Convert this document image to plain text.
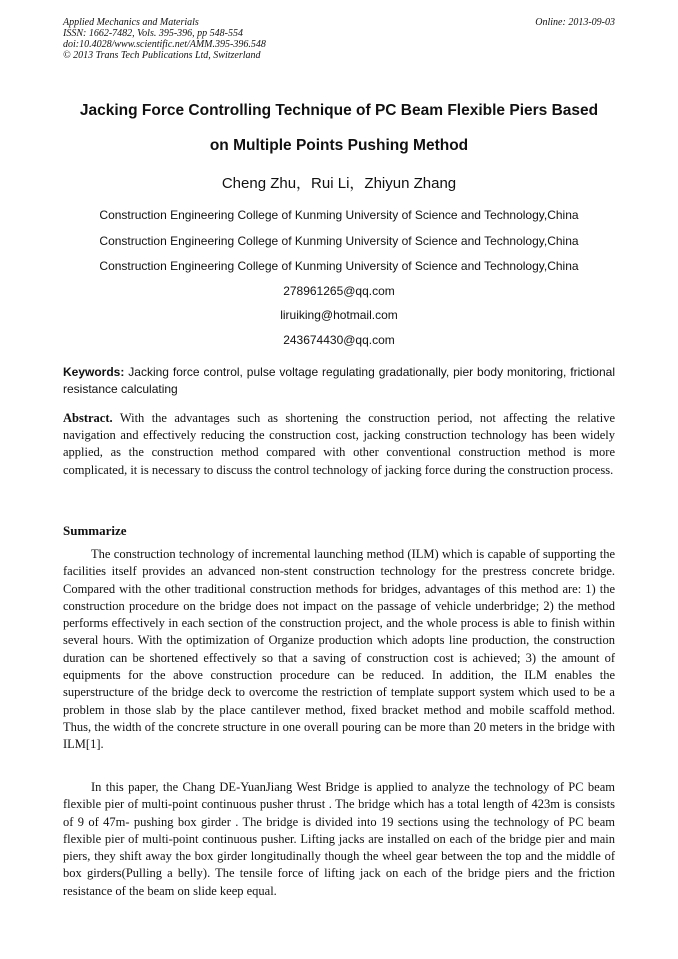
Applied Mechanics and Materials
ISSN: 1662-7482, Vols. 395-396, pp 548-554
doi:10.4028/www.scientific.net/AMM.395-396.548
© 2013 Trans Tech Publications Ltd, Switzerland
Online: 2013-09-03
Jacking Force Controlling Technique of PC Beam Flexible Piers Based
on Multiple Points Pushing Method
Cheng Zhu，Rui Li，Zhiyun Zhang
Construction Engineering College of Kunming University of Science and Technology,China
Construction Engineering College of Kunming University of Science and Technology,China
Construction Engineering College of Kunming University of Science and Technology,China
278961265@qq.com
liruiking@hotmail.com
243674430@qq.com
Keywords: Jacking force control, pulse voltage regulating gradationally, pier body monitoring, frictional resistance calculating
Abstract. With the advantages such as shortening the construction period, not affecting the relative navigation and effectively reducing the construction cost, jacking construction technology has been widely applied, as the construction method compared with other conventional construction method is more complicated, it is necessary to discuss the control technology of jacking force during the construction process.
Summarize

The construction technology of incremental launching method (ILM) which is capable of supporting the facilities itself provides an advanced non-stent construction technology for the prestress concrete bridge. Compared with the other traditional construction methods for bridges, advantages of this method are: 1) the construction procedure on the bridge does not impact on the passage of vehicle underbridge; 2) the method performs effectively in each section of the construction project, and the whole process is able to finish within several hours. With the optimization of Organize production which adopts line production, the construction duration can be shortened effectively so that a saving of construction cost is achieved; 3) the amount of equipments for the above construction procedure can be reduced. In addition, the ILM enables the superstructure of the bridge deck to overcome the restriction of template support system which used to be a problem in those slab by the place cantilever method, fixed bracket method and mobile scaffold method. Thus, the width of the concrete structure in one overall pouring can be more than 20 meters in the bridge with ILM[1].

In this paper, the Chang DE-YuanJiang West Bridge is applied to analyze the technology of PC beam flexible pier of multi-point continuous pusher thrust . The bridge which has a total length of 423m is consists of 9 of 47m- pushing box girder . The bridge is divided into 19 sections using the technology of PC beam flexible pier of multi-point continuous pusher. Lifting jacks are installed on each of the bridge pier and main piers, they shift away the box girder longitudinally though the wheel gear between the top and the middle of box girders(Pulling a belly). The tensile force of lifting jack on each of the bridge piers and the friction resistance of the beam on slide keep equal.
